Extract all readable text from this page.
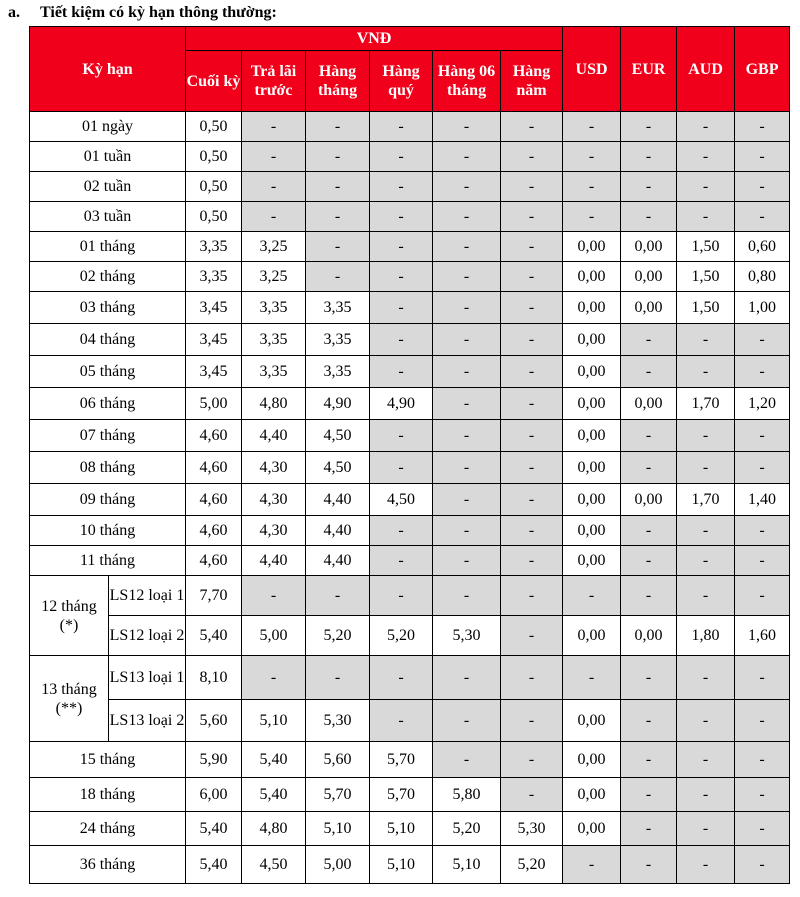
a. Tiết kiệm có kỳ hạn thông thường:
Kỳ hạn		VNĐ						USD	EUR	AUD	GBP
		Cuối kỳ	Trả lãi trước	Hàng tháng	Hàng quý	Hàng 06 tháng	Hàng năm				
01 ngày		0,50	-	-	-	-	-	-	-	-	-
01 tuần		0,50	-	-	-	-	-	-	-	-	-
02 tuần		0,50	-	-	-	-	-	-	-	-	-
03 tuần		0,50	-	-	-	-	-	-	-	-	-
01 tháng		3,35	3,25	-	-	-	-	0,00	0,00	1,50	0,60
02 tháng		3,35	3,25	-	-	-	-	0,00	0,00	1,50	0,80
03 tháng		3,45	3,35	3,35	-	-	-	0,00	0,00	1,50	1,00
04 tháng		3,45	3,35	3,35	-	-	-	0,00	-	-	-
05 tháng		3,45	3,35	3,35	-	-	-	0,00	-	-	-
06 tháng		5,00	4,80	4,90	4,90	-	-	0,00	0,00	1,70	1,20
07 tháng		4,60	4,40	4,50	-	-	-	0,00	-	-	-
08 tháng		4,60	4,30	4,50	-	-	-	0,00	-	-	-
09 tháng		4,60	4,30	4,40	4,50	-	-	0,00	0,00	1,70	1,40
10 tháng		4,60	4,30	4,40	-	-	-	0,00	-	-	-
11 tháng		4,60	4,40	4,40	-	-	-	0,00	-	-	-
12 tháng (*)	LS12 loại 1	7,70	-	-	-	-	-	-	-	-	-
	LS12 loại 2	5,40	5,00	5,20	5,20	5,30	-	0,00	0,00	1,80	1,60
13 tháng (**)	LS13 loại 1	8,10	-	-	-	-	-	-	-	-	-
	LS13 loại 2	5,60	5,10	5,30	-	-	-	0,00	-	-	-
15 tháng		5,90	5,40	5,60	5,70	-	-	0,00	-	-	-
18 tháng		6,00	5,40	5,70	5,70	5,80	-	0,00	-	-	-
24 tháng		5,40	4,80	5,10	5,10	5,20	5,30	0,00	-	-	-
36 tháng		5,40	4,50	5,00	5,10	5,10	5,20	-	-	-	-
